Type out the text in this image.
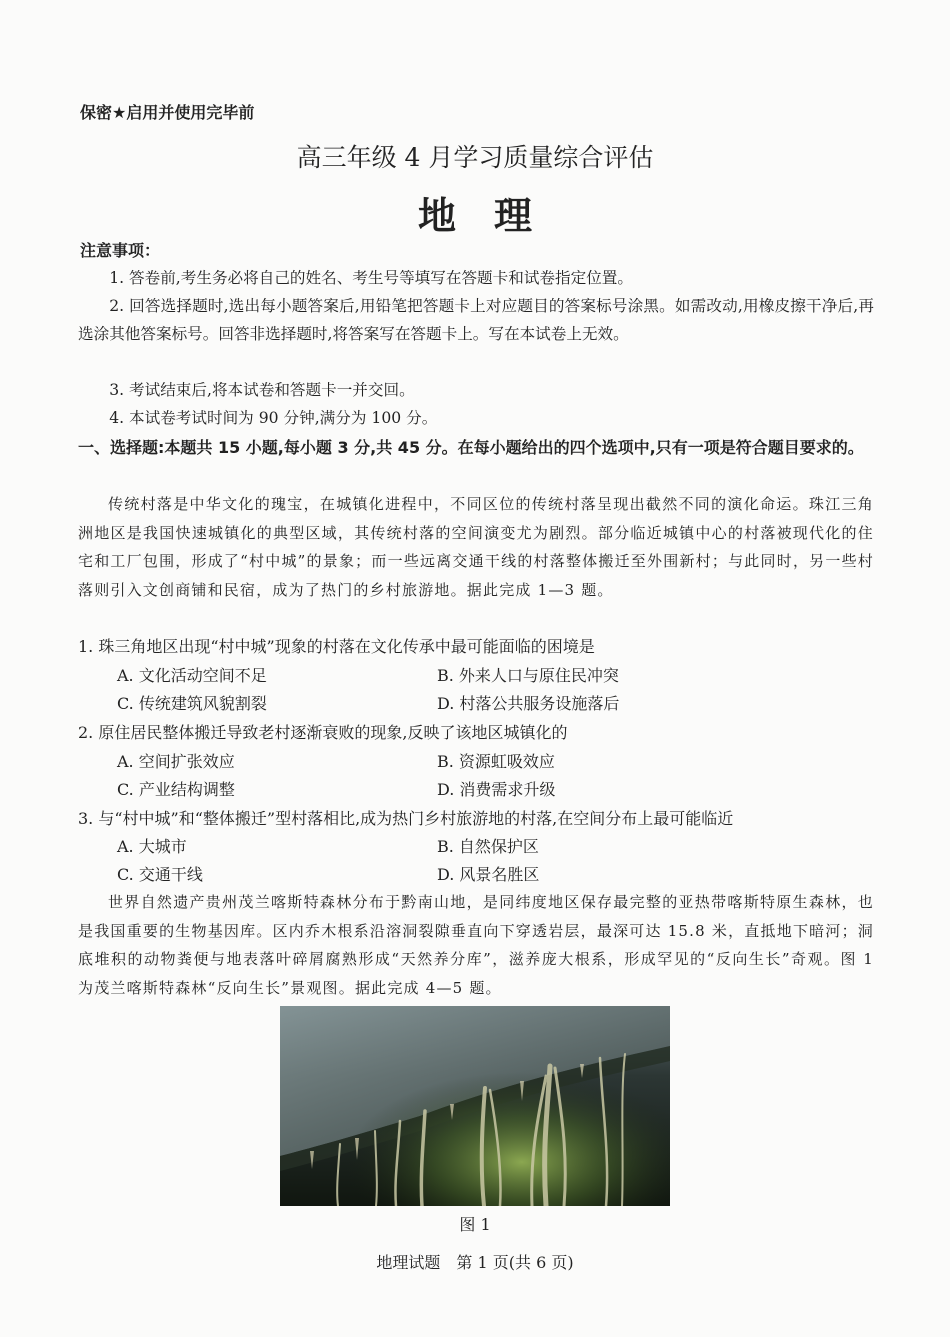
保密★启用并使用完毕前
高三年级 4 月学习质量综合评估
地理
注意事项：
1. 答卷前,考生务必将自己的姓名、考生号等填写在答题卡和试卷指定位置。
2. 回答选择题时,选出每小题答案后,用铅笔把答题卡上对应题目的答案标号涂黑。如需改动,用橡皮擦干净后,再选涂其他答案标号。回答非选择题时,将答案写在答题卡上。写在本试卷上无效。
3. 考试结束后,将本试卷和答题卡一并交回。
4. 本试卷考试时间为 90 分钟,满分为 100 分。
一、选择题:本题共 15 小题,每小题 3 分,共 45 分。在每小题给出的四个选项中,只有一项是符合题目要求的。
传统村落是中华文化的瑰宝，在城镇化进程中，不同区位的传统村落呈现出截然不同的演化命运。珠江三角洲地区是我国快速城镇化的典型区域，其传统村落的空间演变尤为剧烈。部分临近城镇中心的村落被现代化的住宅和工厂包围，形成了“村中城”的景象；而一些远离交通干线的村落整体搬迁至外围新村；与此同时，另一些村落则引入文创商铺和民宿，成为了热门的乡村旅游地。据此完成 1—3 题。
1. 珠三角地区出现“村中城”现象的村落在文化传承中最可能面临的困境是
A. 文化活动空间不足	B. 外来人口与原住民冲突
C. 传统建筑风貌割裂	D. 村落公共服务设施落后
2. 原住居民整体搬迁导致老村逐渐衰败的现象,反映了该地区城镇化的
A. 空间扩张效应	B. 资源虹吸效应
C. 产业结构调整	D. 消费需求升级
3. 与“村中城”和“整体搬迁”型村落相比,成为热门乡村旅游地的村落,在空间分布上最可能临近
A. 大城市	B. 自然保护区
C. 交通干线	D. 风景名胜区
世界自然遗产贵州茂兰喀斯特森林分布于黔南山地，是同纬度地区保存最完整的亚热带喀斯特原生森林，也是我国重要的生物基因库。区内乔木根系沿溶洞裂隙垂直向下穿透岩层，最深可达 15.8 米，直抵地下暗河；洞底堆积的动物粪便与地表落叶碎屑腐熟形成“天然养分库”，滋养庞大根系，形成罕见的“反向生长”奇观。图 1 为茂兰喀斯特森林“反向生长”景观图。据此完成 4—5 题。
图 1
地理试题　第 1 页(共 6 页)
